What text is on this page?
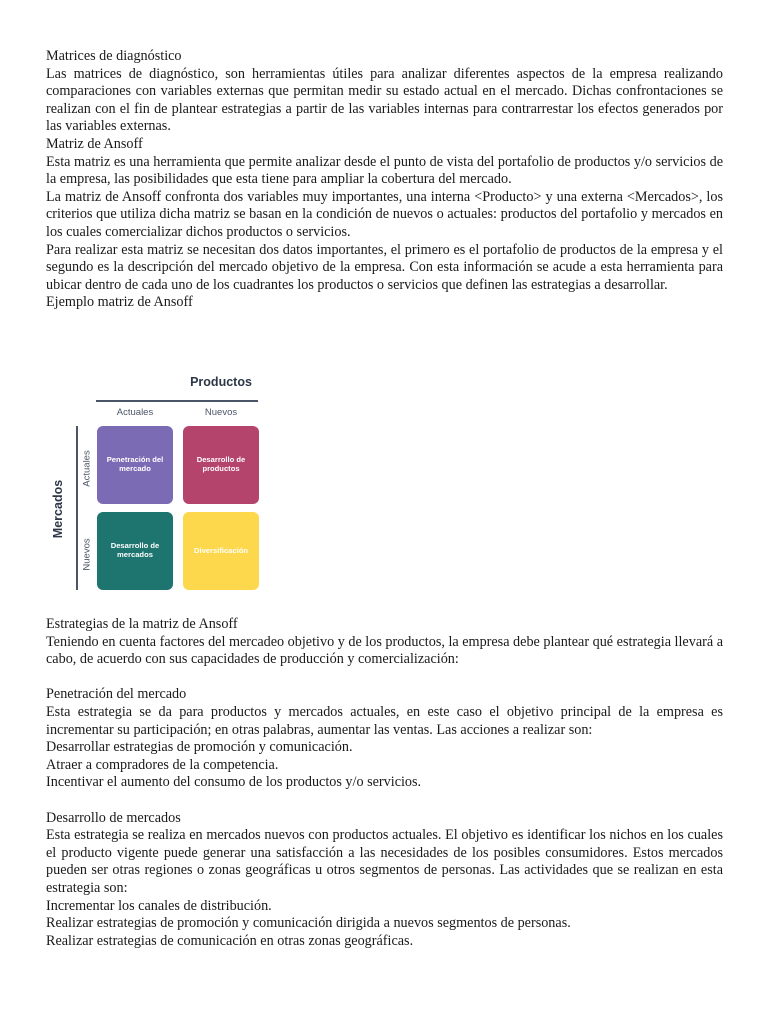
Matrices de diagnóstico

Las matrices de diagnóstico, son herramientas útiles para analizar diferentes aspectos de la empresa realizando comparaciones con variables externas que permitan medir su estado actual en el mercado. Dichas confrontaciones se realizan con el fin de plantear estrategias a partir de las variables internas para contrarrestar los efectos generados por las variables externas.

Matriz de Ansoff

Esta matriz es una herramienta que permite analizar desde el punto de vista del portafolio de productos y/o servicios de la empresa, las posibilidades que esta tiene para ampliar la cobertura del mercado.

La matriz de Ansoff confronta dos variables muy importantes, una interna <Producto> y una externa <Mercados>, los criterios que utiliza dicha matriz se basan en la condición de nuevos o actuales: productos del portafolio y mercados en los cuales comercializar dichos productos o servicios.

Para realizar esta matriz se necesitan dos datos importantes, el primero es el portafolio de productos de la empresa y el segundo es la descripción del mercado objetivo de la empresa. Con esta información se acude a esta herramienta para ubicar dentro de cada uno de los cuadrantes los productos o servicios que definen las estrategias a desarrollar.

Ejemplo matriz de Ansoff

Productos
Actuales	Nuevos
Mercados
Actuales
Nuevos
Penetración del mercado
Desarrollo de productos
Desarrollo de mercados	Diversificación

Estrategias de la matriz de Ansoff

Teniendo en cuenta factores del mercadeo objetivo y de los productos, la empresa debe plantear qué estrategia llevará a cabo, de acuerdo con sus capacidades de producción y comercialización:

Penetración del mercado

Esta estrategia se da para productos y mercados actuales, en este caso el objetivo principal de la empresa es incrementar su participación; en otras palabras, aumentar las ventas. Las acciones a realizar son:

Desarrollar estrategias de promoción y comunicación.

Atraer a compradores de la competencia.

Incentivar el aumento del consumo de los productos y/o servicios.

Desarrollo de mercados

Esta estrategia se realiza en mercados nuevos con productos actuales. El objetivo es identificar los nichos en los cuales el producto vigente puede generar una satisfacción a las necesidades de los posibles consumidores. Estos mercados pueden ser otras regiones o zonas geográficas u otros segmentos de personas. Las actividades que se realizan en esta estrategia son:

Incrementar los canales de distribución.

Realizar estrategias de promoción y comunicación dirigida a nuevos segmentos de personas.

Realizar estrategias de comunicación en otras zonas geográficas.
